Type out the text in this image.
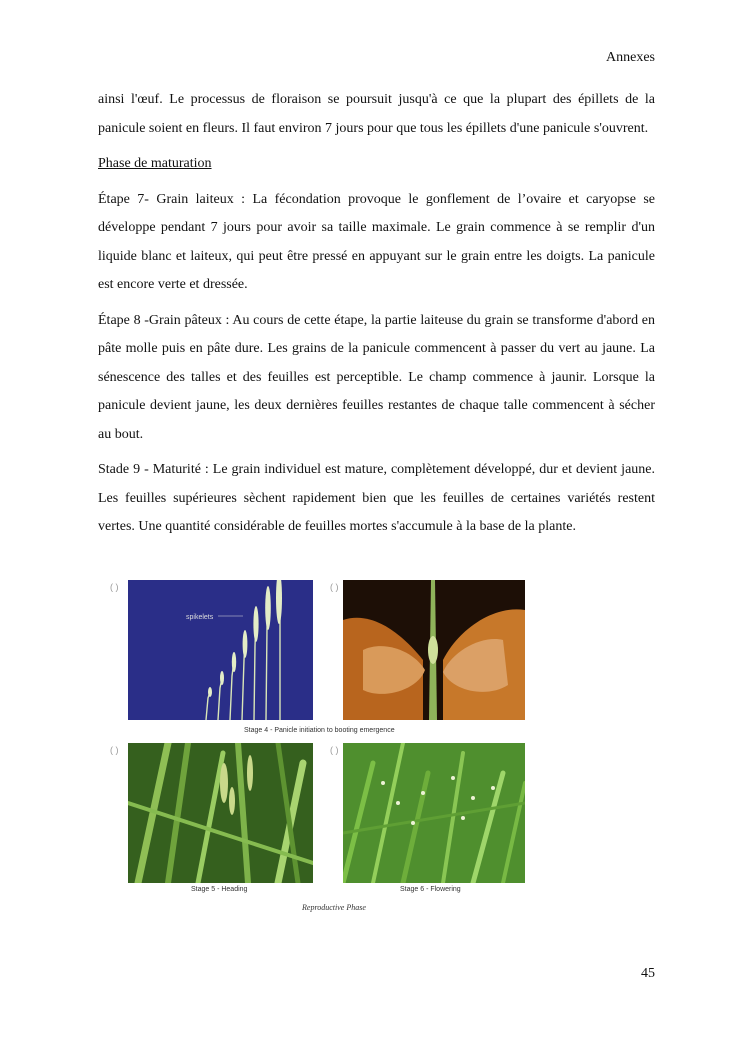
Annexes

ainsi l'œuf. Le processus de floraison se poursuit jusqu'à ce que la plupart des épillets de la panicule soient en fleurs. Il faut environ 7 jours pour que tous les épillets d'une panicule s'ouvrent.

Phase de maturation

Étape 7- Grain laiteux : La fécondation provoque le gonflement de l’ovaire et caryopse se développe pendant 7 jours pour avoir sa taille maximale. Le grain commence à se remplir d'un liquide blanc et laiteux, qui peut être pressé en appuyant sur le grain entre les doigts. La panicule est encore verte et dressée.

Étape 8 -Grain pâteux : Au cours de cette étape, la partie laiteuse du grain se transforme d'abord en pâte molle puis en pâte dure. Les grains de la panicule commencent à passer du vert au jaune. La sénescence des talles et des feuilles est perceptible. Le champ commence à jaunir. Lorsque la panicule devient jaune, les deux dernières feuilles restantes de chaque talle commencent à sécher au bout.

Stade 9 - Maturité : Le grain individuel est mature, complètement développé, dur et devient jaune. Les feuilles supérieures sèchent rapidement bien que les feuilles de certaines variétés restent vertes. Une quantité considérable de feuilles mortes s'accumule à la base de la plante.

( )	( )
( )	( )
spikelets
Stage 4 - Panicle initiation to booting emergence
Stage 5 - Heading	Stage 6 - Flowering
Reproductive Phase
45
